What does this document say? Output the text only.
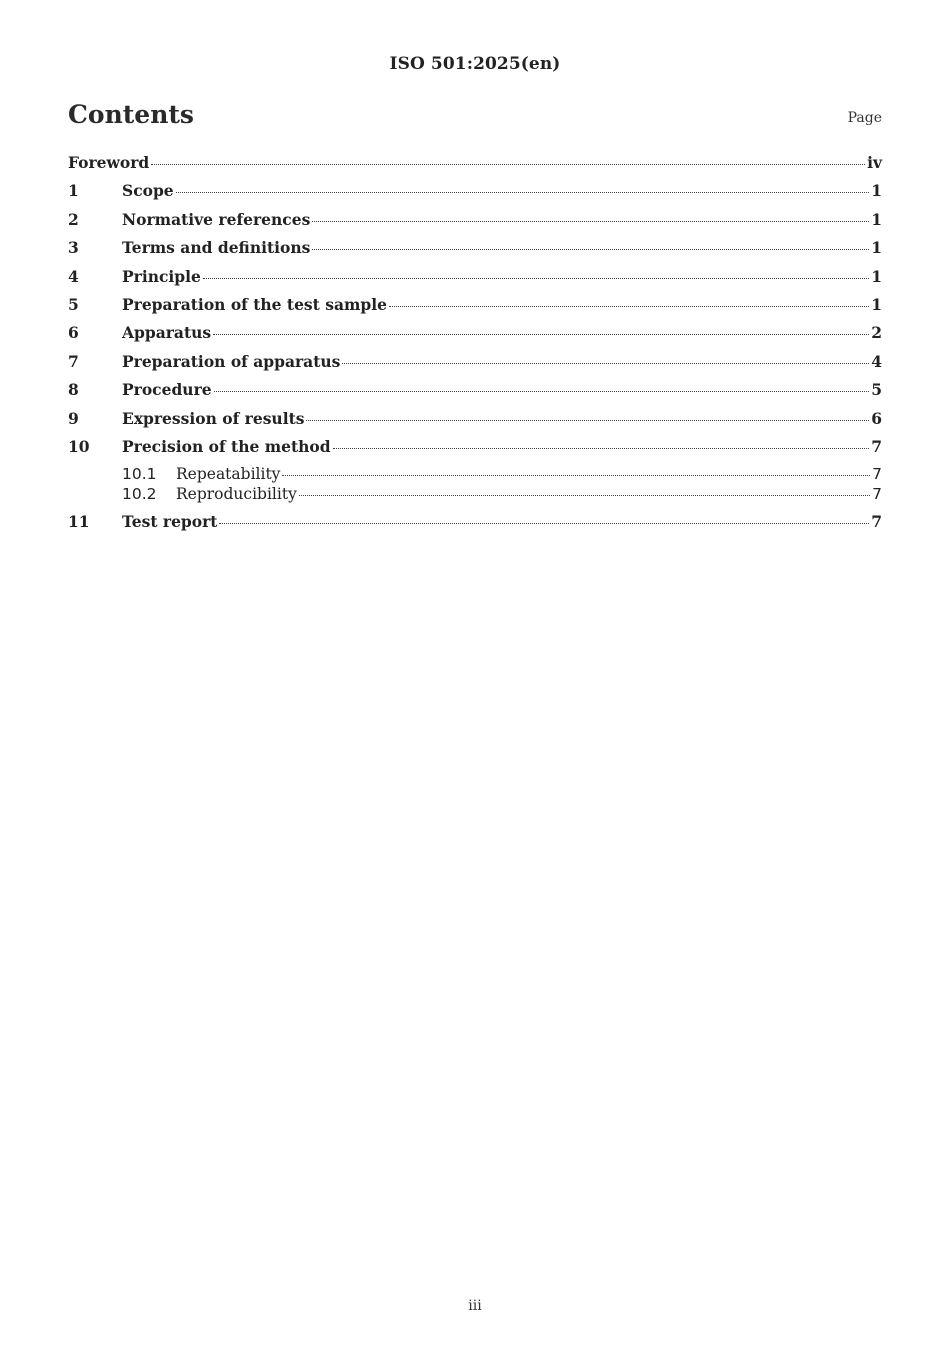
ISO 501:2025(en)
Contents	Page
Foreword	iv
1	Scope	1
2	Normative references	1
3	Terms and definitions	1
4	Principle	1
5	Preparation of the test sample	1
6	Apparatus	2
7	Preparation of apparatus	4
8	Procedure	5
9	Expression of results	6
10	Precision of the method	7
10.1	Repeatability	7
10.2	Reproducibility	7
11	Test report	7
iii
